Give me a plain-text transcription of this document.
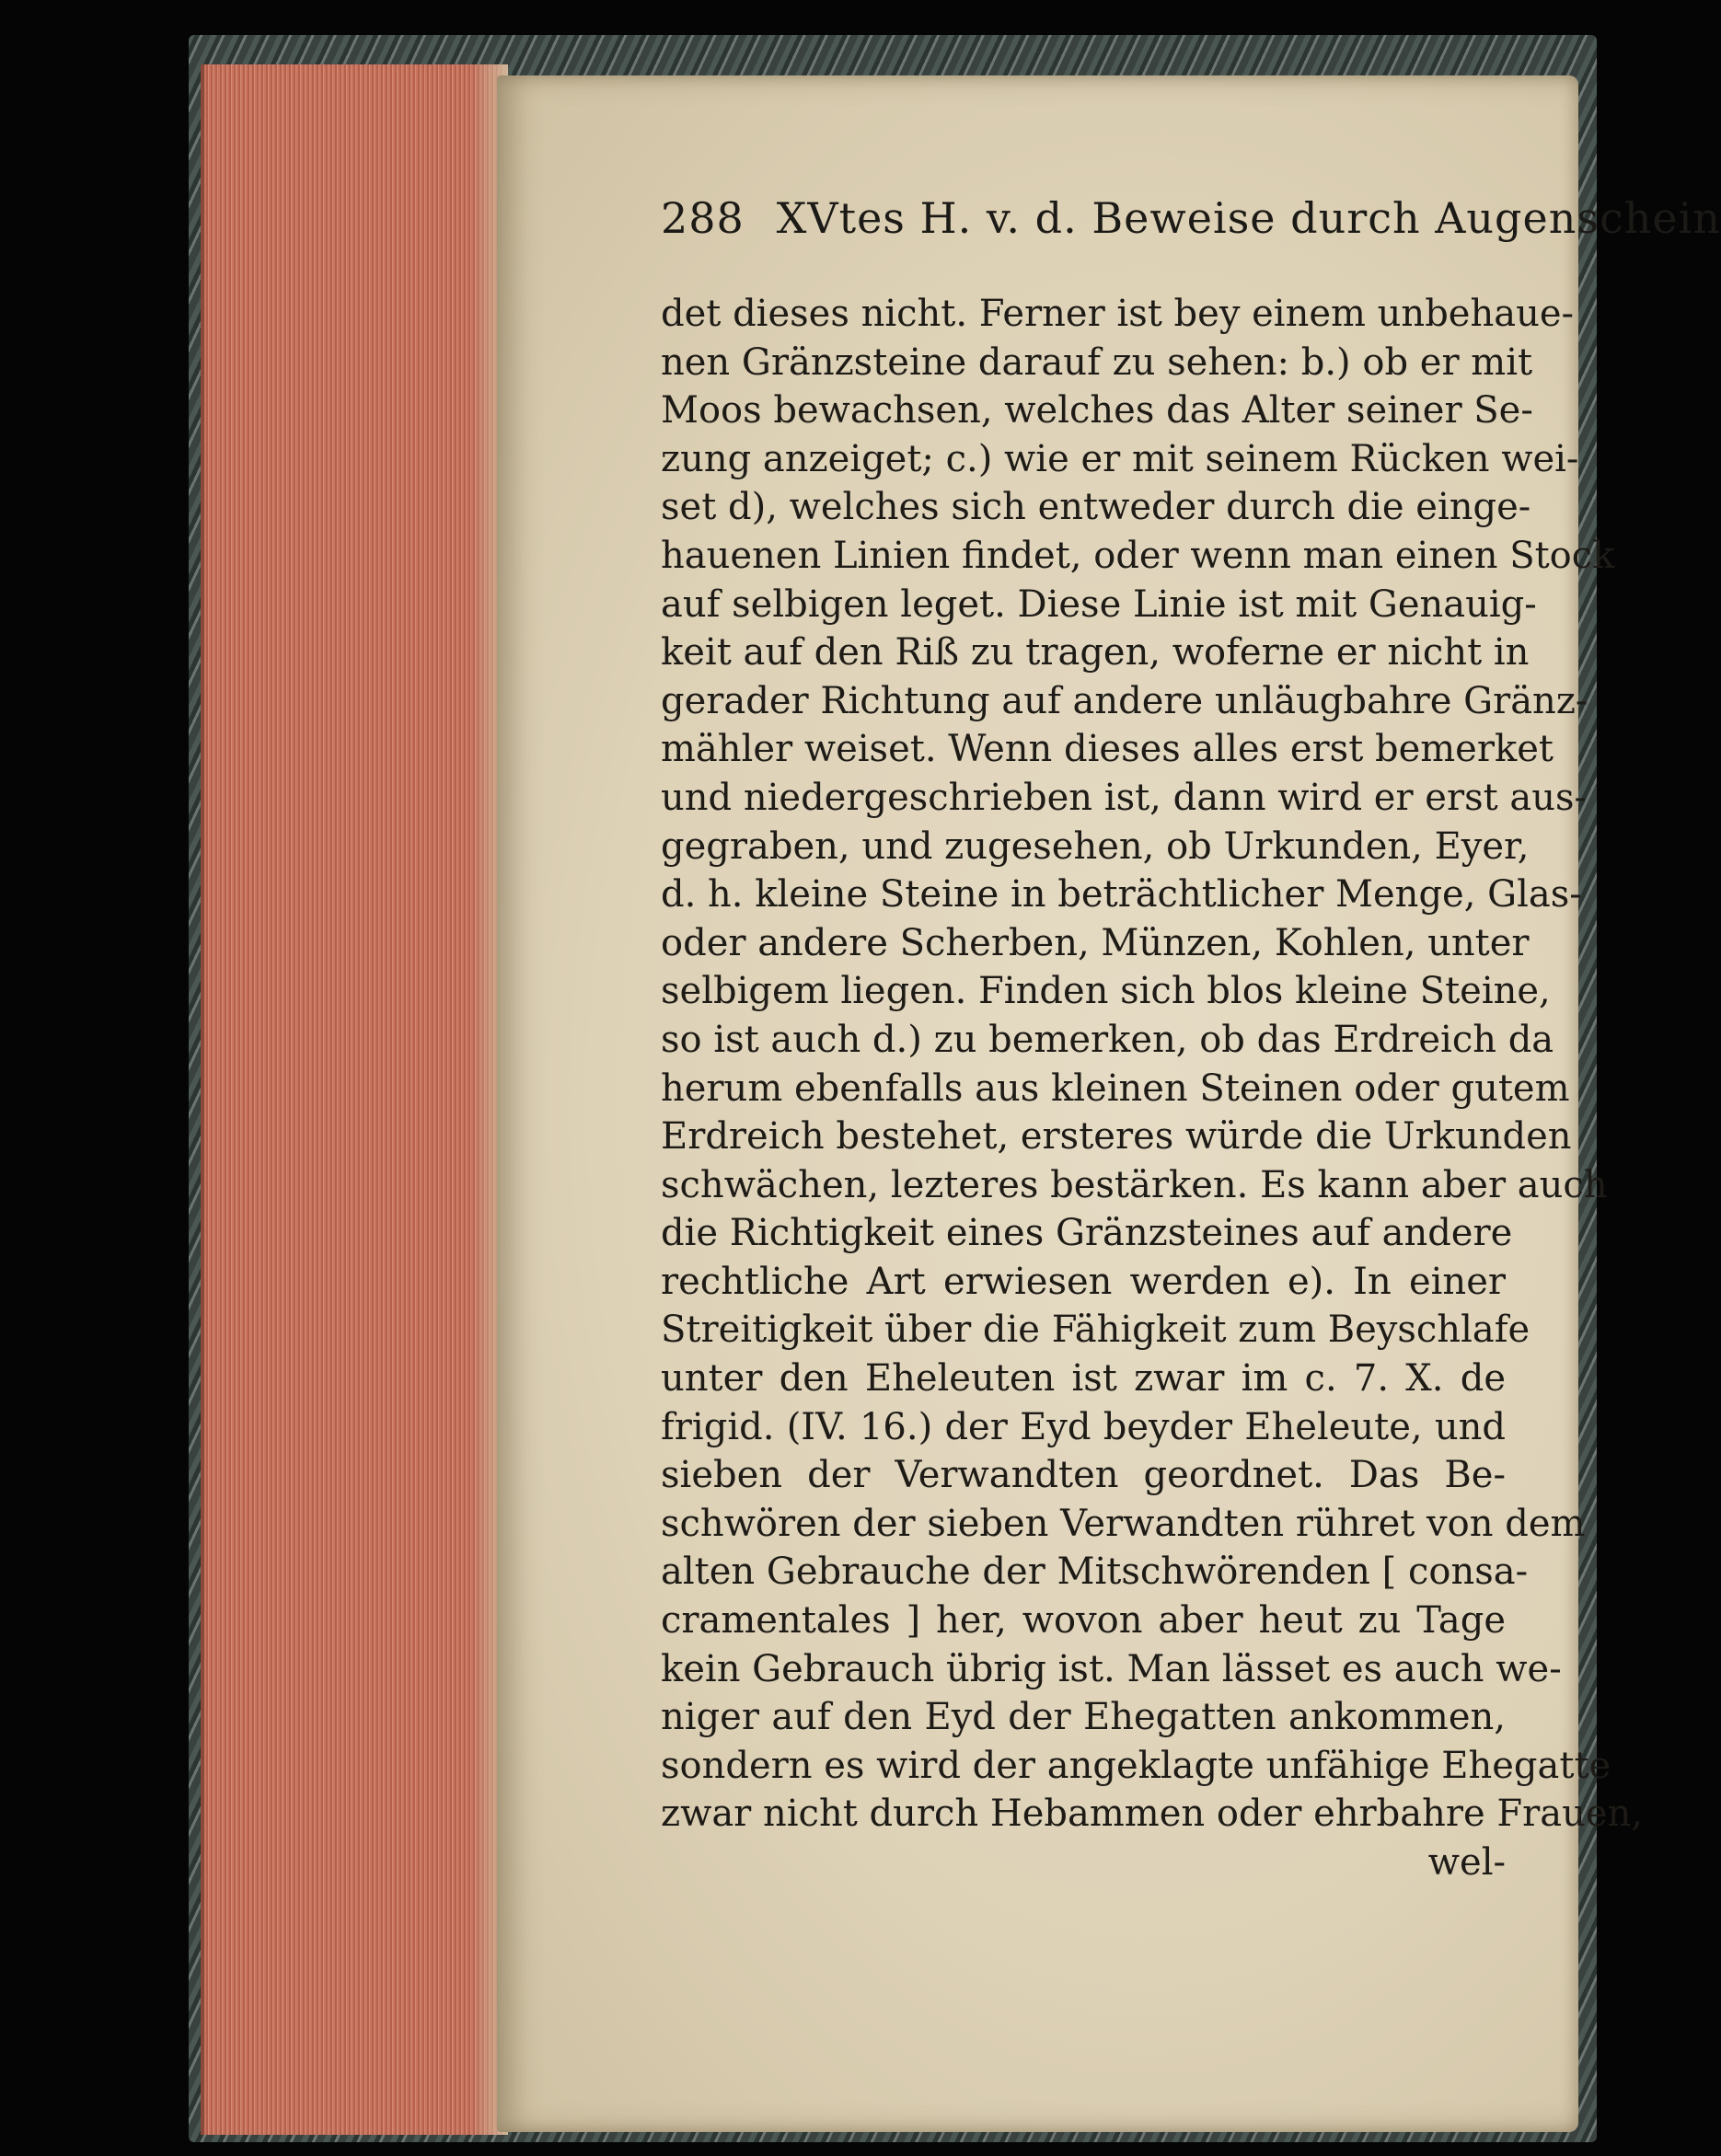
288 XVtes H. v. d. Beweise durch Augenschein
det dieses nicht. Ferner ist bey einem unbehaue-
nen Gränzsteine darauf zu sehen: b.) ob er mit
Moos bewachsen, welches das Alter seiner Se-
zung anzeiget; c.) wie er mit seinem Rücken wei-
set d), welches sich entweder durch die einge-
hauenen Linien findet, oder wenn man einen Stock
auf selbigen leget. Diese Linie ist mit Genauig-
keit auf den Riß zu tragen, woferne er nicht in
gerader Richtung auf andere unläugbahre Gränz-
mähler weiset. Wenn dieses alles erst bemerket
und niedergeschrieben ist, dann wird er erst aus-
gegraben, und zugesehen, ob Urkunden, Eyer,
d. h. kleine Steine in beträchtlicher Menge, Glas-
oder andere Scherben, Münzen, Kohlen, unter
selbigem liegen. Finden sich blos kleine Steine,
so ist auch d.) zu bemerken, ob das Erdreich da
herum ebenfalls aus kleinen Steinen oder gutem
Erdreich bestehet, ersteres würde die Urkunden
schwächen, lezteres bestärken. Es kann aber auch
die Richtigkeit eines Gränzsteines auf andere
rechtliche Art erwiesen werden e). In einer
Streitigkeit über die Fähigkeit zum Beyschlafe
unter den Eheleuten ist zwar im c. 7. X. de
frigid. (IV. 16.) der Eyd beyder Eheleute, und
sieben der Verwandten geordnet. Das Be-
schwören der sieben Verwandten rühret von dem
alten Gebrauche der Mitschwörenden [ consa-
cramentales ] her, wovon aber heut zu Tage
kein Gebrauch übrig ist. Man lässet es auch we-
niger auf den Eyd der Ehegatten ankommen,
sondern es wird der angeklagte unfähige Ehegatte
zwar nicht durch Hebammen oder ehrbahre Frauen,
wel-
